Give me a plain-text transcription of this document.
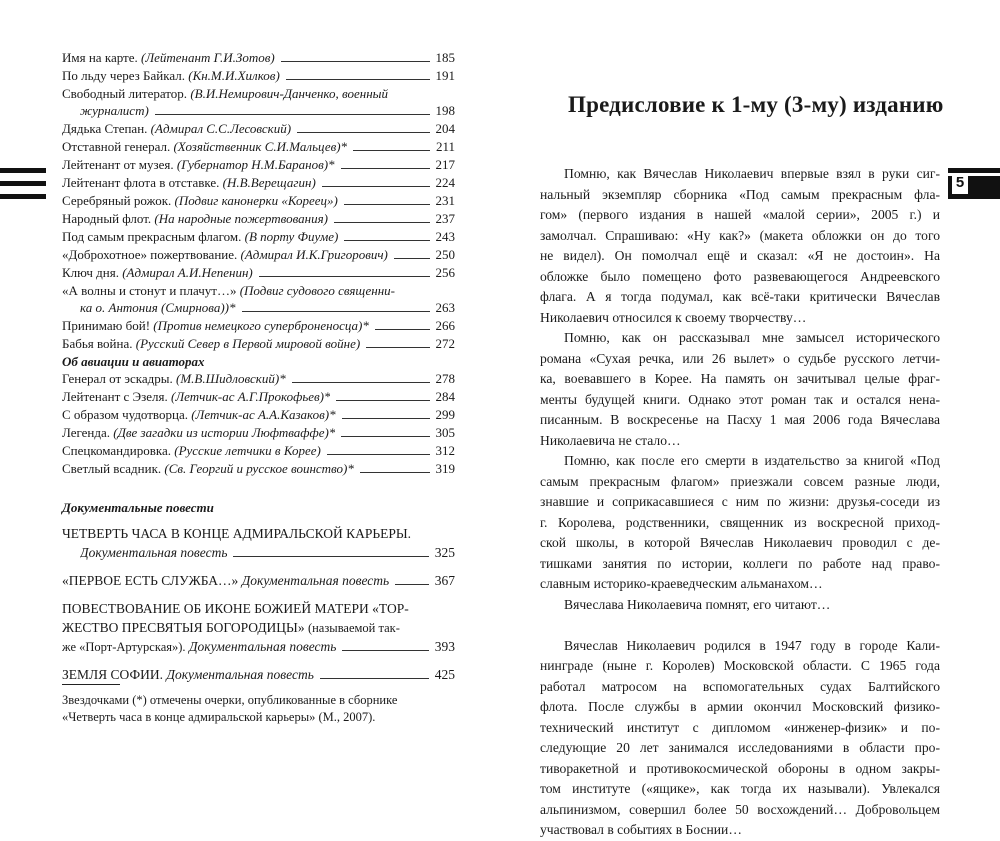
Имя на карте. (Лейтенант Г.И.Зотов)	185
По льду через Байкал. (Кн.М.И.Хилков)	191
Свободный литератор. (В.И.Немирович-Данченко, военный
журналист)	198
Дядька Степан. (Адмирал С.С.Лесовский)	204
Отставной генерал. (Хозяйственник С.И.Мальцев)*	211
Лейтенант от музея. (Губернатор Н.М.Баранов)*	217
Лейтенант флота в отставке. (Н.В.Верещагин)	224
Серебряный рожок. (Подвиг канонерки «Кореец»)	231
Народный флот. (На народные пожертвования)	237
Под самым прекрасным флагом. (В порту Фиуме)	243
«Доброхотное» пожертвование. (Адмирал И.К.Григорович)	250
Ключ дня. (Адмирал А.И.Непенин)	256
«А волны и стонут и плачут…» (Подвиг судового священни-
ка о. Антония (Смирнова))*	263
Принимаю бой! (Против немецкого суперброненосца)*	266
Бабья война. (Русский Север в Первой мировой войне)	272
Об авиации и авиаторах
Генерал от эскадры. (М.В.Шидловский)*	278
Лейтенант с Эзеля. (Летчик-ас А.Г.Прокофьев)*	284
С образом чудотворца. (Летчик-ас А.А.Казаков)*	299
Легенда. (Две загадки из истории Люфтваффе)*	305
Спецкомандировка. (Русские летчики в Корее)	312
Светлый всадник. (Св. Георгий и русское воинство)*	319
Документальные повести
ЧЕТВЕРТЬ ЧАСА В КОНЦЕ АДМИРАЛЬСКОЙ КАРЬЕРЫ.
Документальная повесть	325
«ПЕРВОЕ ЕСТЬ СЛУЖБА…» Документальная повесть	367
ПОВЕСТВОВАНИЕ ОБ ИКОНЕ БОЖИЕЙ МАТЕРИ «ТОР-
ЖЕСТВО ПРЕСВЯТЫЯ БОГОРОДИЦЫ» (называемой так-
же «Порт-Артурская»). Документальная повесть	393
ЗЕМЛЯ СОФИИ. Документальная повесть	425
Звездочками (*) отмечены очерки, опубликованные в сборнике
«Четверть часа в конце адмиральской карьеры» (М., 2007).
Предисловие к 1-му (3-му) изданию
Помню, как Вячеслав Николаевич впервые взял в руки сиг-
нальный экземпляр сборника «Под самым прекрасным фла-
гом» (первого издания в нашей «малой серии», 2005 г.) и
замолчал. Спрашиваю: «Ну как?» (макета обложки он до того
не видел). Он помолчал ещё и сказал: «Я не достоин». На
обложке было помещено фото развевающегося Андреевского
флага. А я тогда подумал, как всё-таки критически Вячеслав
Николаевич относился к своему творчеству…
Помню, как он рассказывал мне замысел исторического
романа «Сухая речка, или 26 вылет» о судьбе русского летчи-
ка, воевавшего в Корее. На память он зачитывал целые фраг-
менты будущей книги. Однако этот роман так и остался нена-
писанным. В воскресенье на Пасху 1 мая 2006 года Вячеслава
Николаевича не стало…
Помню, как после его смерти в издательство за книгой «Под
самым прекрасным флагом» приезжали совсем разные люди,
знавшие и соприкасавшиеся с ним по жизни: друзья-соседи из
г. Королева, родственники, священник из воскресной приход-
ской школы, в которой Вячеслав Николаевич проводил с де-
тишками занятия по истории, коллеги по работе над право-
славным историко-краеведческим альманахом…
Вячеслава Николаевича помнят, его читают…
Вячеслав Николаевич родился в 1947 году в городе Кали-
нинграде (ныне г. Королев) Московской области. С 1965 года
работал матросом на вспомогательных судах Балтийского
флота. После службы в армии окончил Московский физико-
технический институт с дипломом «инженер-физик» и по-
следующие 20 лет занимался исследованиями в области про-
тиворакетной и противокосмической обороны в одном закры-
том институте («ящике», как тогда их называли). Увлекался
альпинизмом, совершил более 50 восхождений… Добровольцем
участвовал в событиях в Боснии…
5
